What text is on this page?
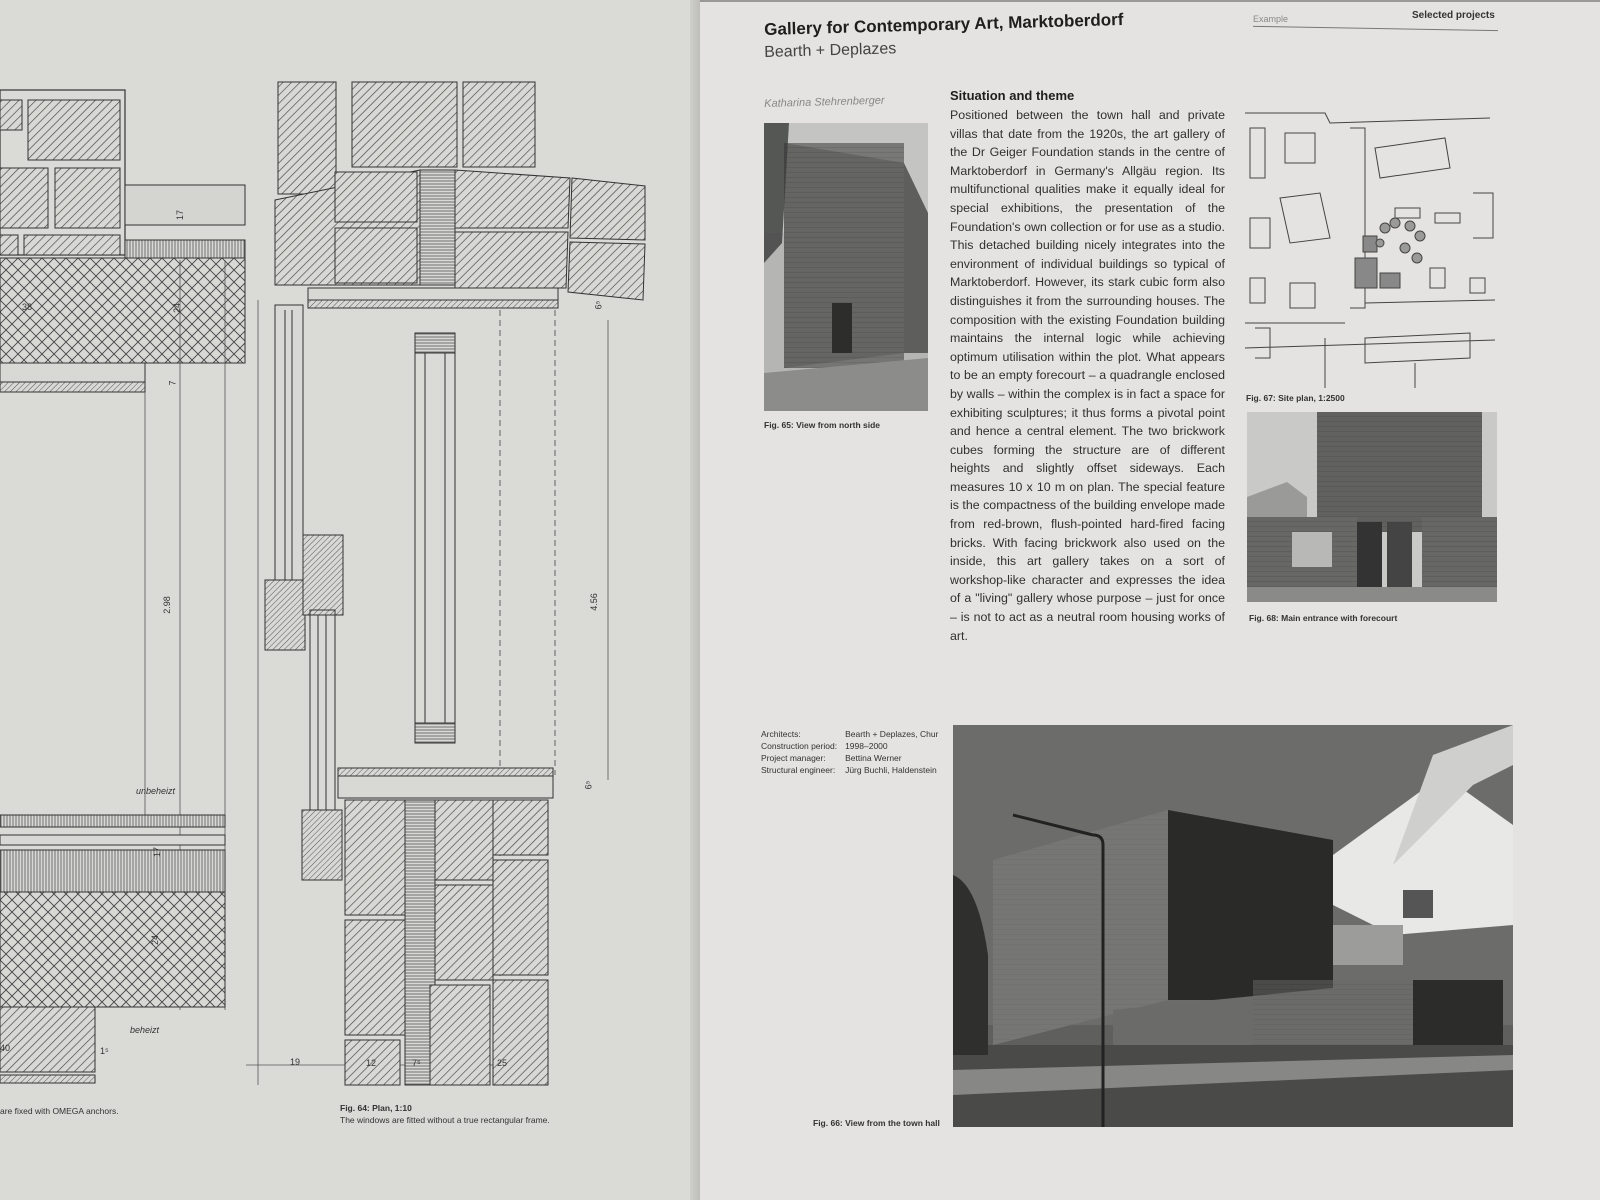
17
38	24
7
2.98
unbeheizt
17
24
beheizt
40	1⁵
6⁵
4.56
6⁵
19	12	7⁵	25
are fixed with OMEGA anchors.	Fig. 64: Plan, 1:10
The windows are fitted without a true rectangular frame.
Example	Selected projects
Gallery for Contemporary Art, Marktoberdorf
Bearth + Deplazes
Katharina Stehrenberger
Fig. 65: View from north side
Situation and theme
Positioned between the town hall and private villas that date from the 1920s, the art gallery of the Dr Geiger Foundation stands in the centre of Marktoberdorf in Germany's Allgäu region. Its multifunctional qualities make it equally ideal for special exhibitions, the presentation of the Foundation's own collection or for use as a studio. This detached building nicely integrates into the environment of individual buildings so typical of Marktoberdorf. However, its stark cubic form also distinguishes it from the surrounding houses. The composition with the existing Foundation building maintains the internal logic while achieving optimum utilisation within the plot. What appears to be an empty forecourt – a quadrangle enclosed by walls – within the complex is in fact a space for exhibiting sculptures; it thus forms a pivotal point and hence a central element. The two brickwork cubes forming the structure are of different heights and slightly offset sideways. Each measures 10 x 10 m on plan. The special feature is the compactness of the building envelope made from red-brown, flush-pointed hard-fired facing bricks. With facing brickwork also used on the inside, this art gallery takes on a sort of workshop-like character and expresses the idea of a "living" gallery whose purpose – just for once – is not to act as a neutral room housing works of art.
Fig. 67: Site plan, 1:2500
Fig. 68: Main entrance with forecourt
Architects:	Bearth + Deplazes, Chur
Construction period:	1998–2000
Project manager:	Bettina Werner
Structural engineer:	Jürg Buchli, Haldenstein
Fig. 66: View from the town hall
